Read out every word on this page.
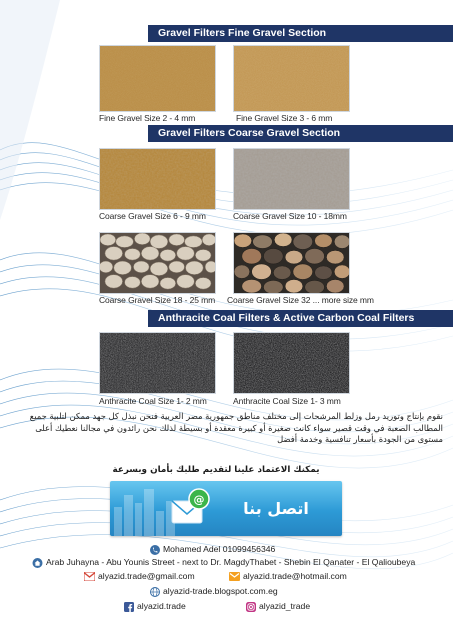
Gravel Filters Fine Gravel Section
Fine Gravel Size 2 - 4 mm	Fine Gravel Size 3 - 6 mm
Gravel Filters Coarse Gravel Section
Coarse Gravel Size 6 - 9 mm	Coarse Gravel Size 10 - 18mm
Coarse Gravel Size 18 - 25 mm Coarse Gravel Size 32 ... more size mm
Anthracite Coal Filters & Active Carbon Coal Filters
Anthracite Coal Size 1- 2 mm	Anthracite Coal Size 1- 3 mm
نقوم بإنتاج وتوريد رمل وزلط المرشحات إلى مختلف مناطق جمهورية مصر العربية فنحن نبذل كل جهد ممكن لتلبية جميع المطالب الصعبة في وقت قصير سواء كانت صغيرة أو كبيرة معقدة أو بسيطة لذلك نحن رائدون في مجالنا نعطيك أعلى مستوى من الجودة بأسعار تنافسية وخدمة أفضل
يمكنك الاعتماد علينا لتقديم طلبك بأمان وبسرعة
@	اتصل بنا
Mohamed Adel 01099456346
Arab Juhayna - Abu Younis Street - next to Dr. MagdyThabet - Shebin El Qanater - El Qalioubeya
alyazid.trade@gmail.com	alyazid.trade@hotmail.com
alyazid-trade.blogspot.com.eg
alyazid.trade	alyazid_trade
